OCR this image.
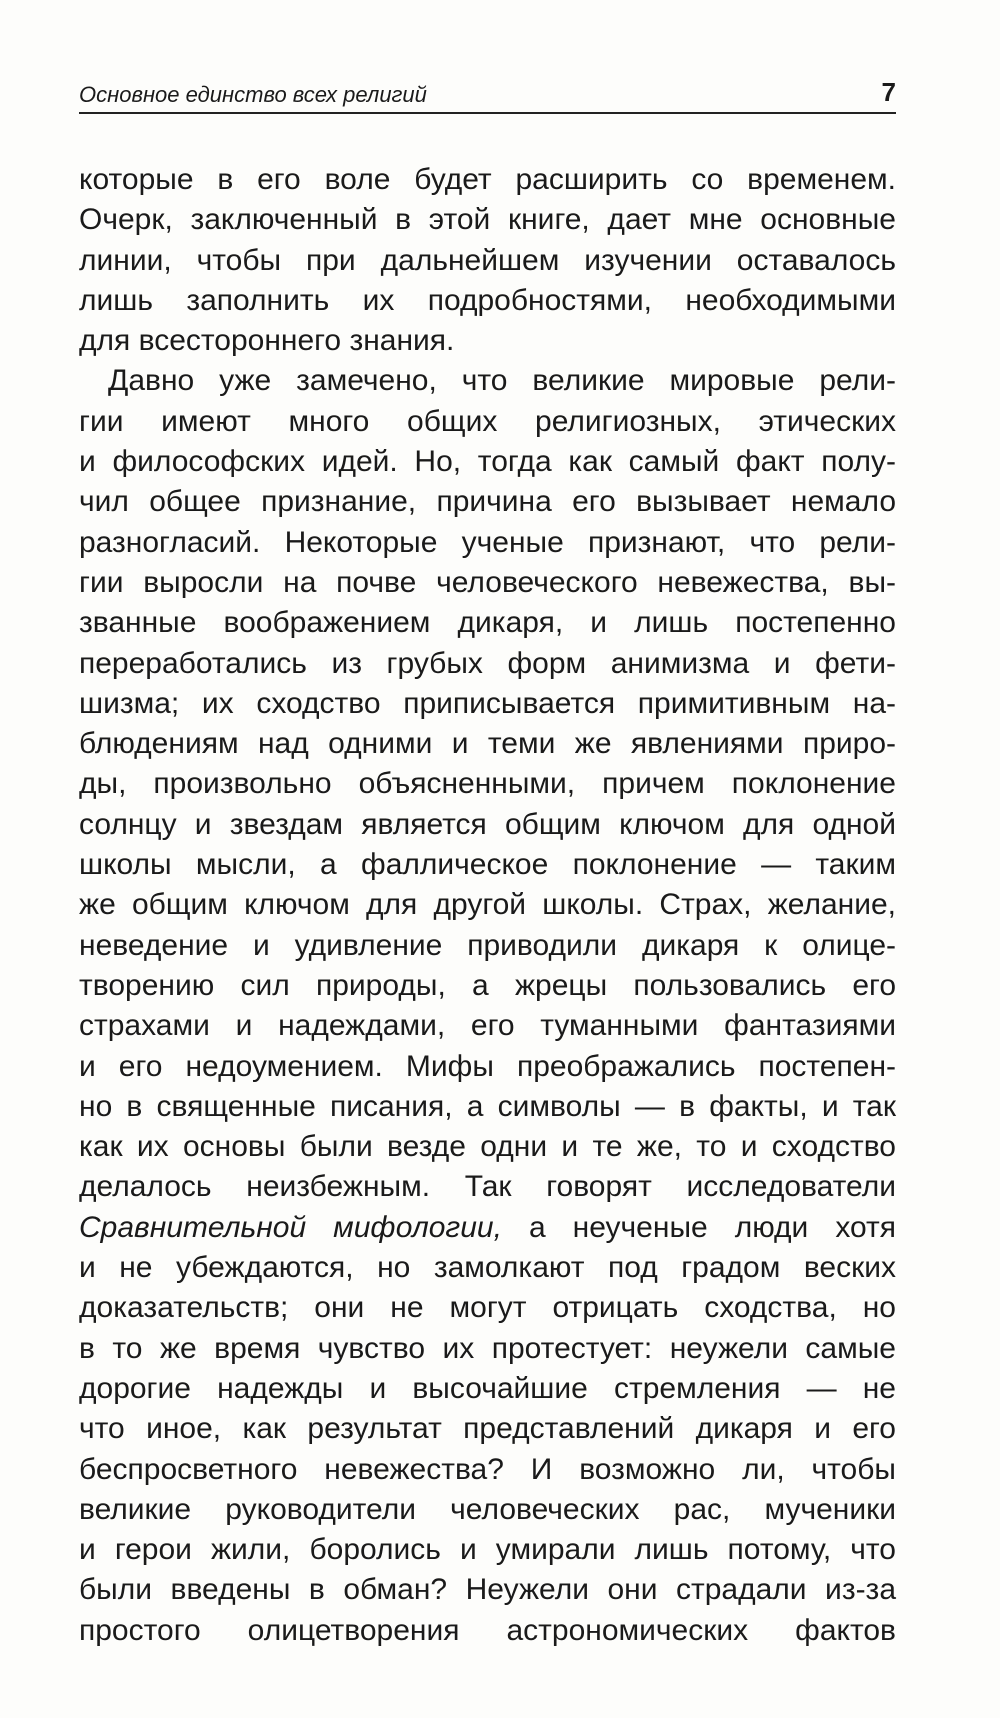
Основное единство всех религий	7
которые в его воле будет расширить со временем.
Очерк, заключенный в этой книге, дает мне основные
линии, чтобы при дальнейшем изучении оставалось
лишь заполнить их подробностями, необходимыми
для всестороннего знания.
Давно уже замечено, что великие мировые рели-
гии имеют много общих религиозных, этических
и философских идей. Но, тогда как самый факт полу-
чил общее признание, причина его вызывает немало
разногласий. Некоторые ученые признают, что рели-
гии выросли на почве человеческого невежества, вы-
званные воображением дикаря, и лишь постепенно
переработались из грубых форм анимизма и фети-
шизма; их сходство приписывается примитивным на-
блюдениям над одними и теми же явлениями приро-
ды, произвольно объясненными, причем поклонение
солнцу и звездам является общим ключом для одной
школы мысли, а фаллическое поклонение — таким
же общим ключом для другой школы. Страх, желание,
неведение и удивление приводили дикаря к олице-
творению сил природы, а жрецы пользовались его
страхами и надеждами, его туманными фантазиями
и его недоумением. Мифы преображались постепен-
но в священные писания, а символы — в факты, и так
как их основы были везде одни и те же, то и сходство
делалось неизбежным. Так говорят исследователи
Сравнительной мифологии, а неученые люди хотя
и не убеждаются, но замолкают под градом веских
доказательств; они не могут отрицать сходства, но
в то же время чувство их протестует: неужели самые
дорогие надежды и высочайшие стремления — не
что иное, как результат представлений дикаря и его
беспросветного невежества? И возможно ли, чтобы
великие руководители человеческих рас, мученики
и герои жили, боролись и умирали лишь потому, что
были введены в обман? Неужели они страдали из-за
простого олицетворения астрономических фактов
